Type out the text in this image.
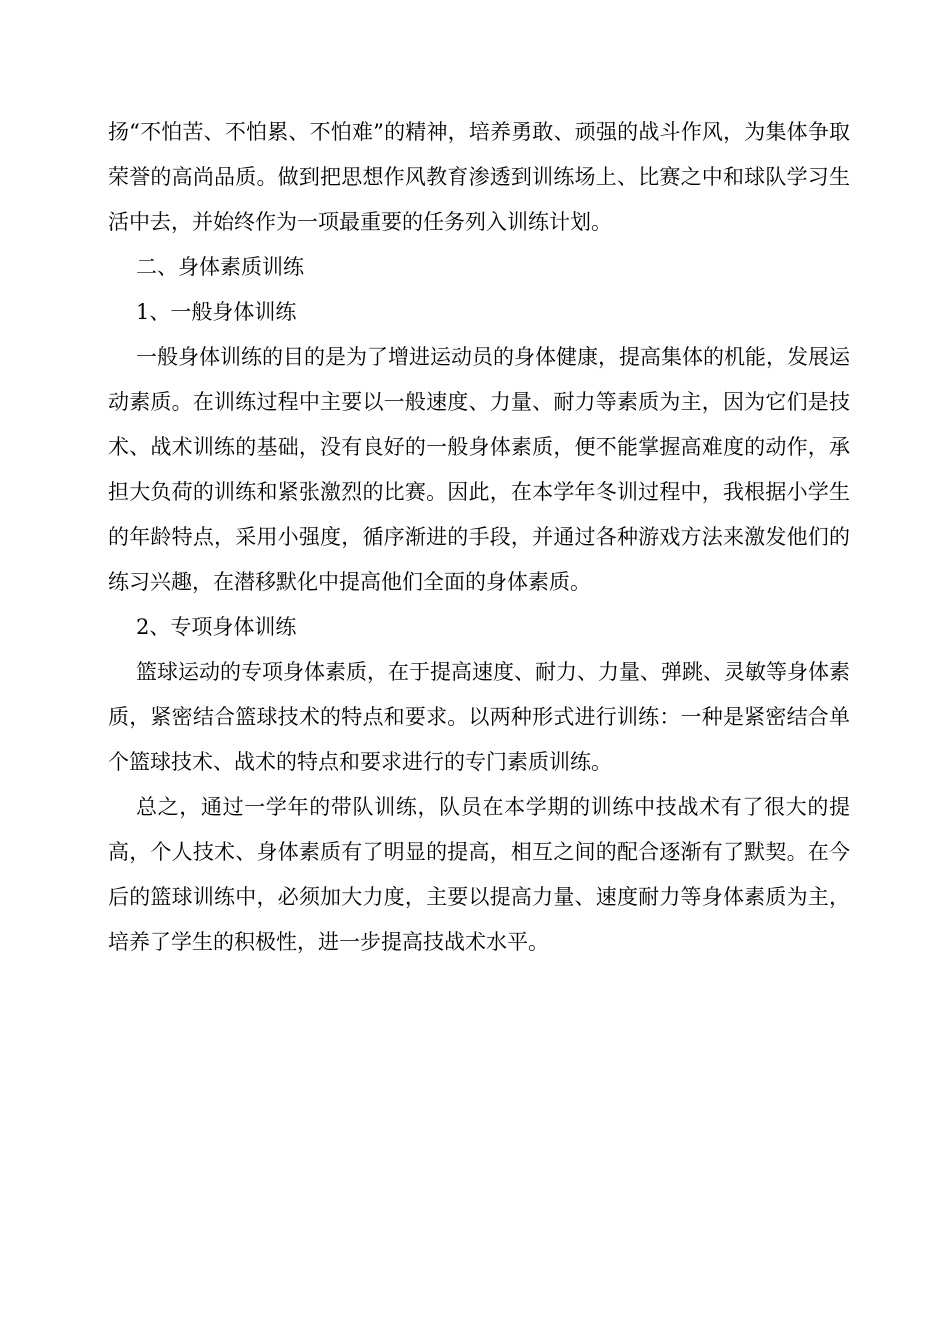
扬“不怕苦、不怕累、不怕难”的精神，培养勇敢、顽强的战斗作风，为集体争取荣誉的高尚品质。做到把思想作风教育渗透到训练场上、比赛之中和球队学习生活中去，并始终作为一项最重要的任务列入训练计划。

二、身体素质训练

1、一般身体训练

一般身体训练的目的是为了增进运动员的身体健康，提高集体的机能，发展运动素质。在训练过程中主要以一般速度、力量、耐力等素质为主，因为它们是技术、战术训练的基础，没有良好的一般身体素质，便不能掌握高难度的动作，承担大负荷的训练和紧张激烈的比赛。因此，在本学年冬训过程中，我根据小学生的年龄特点，采用小强度，循序渐进的手段，并通过各种游戏方法来激发他们的练习兴趣，在潜移默化中提高他们全面的身体素质。

2、专项身体训练

篮球运动的专项身体素质，在于提高速度、耐力、力量、弹跳、灵敏等身体素质，紧密结合篮球技术的特点和要求。以两种形式进行训练：一种是紧密结合单个篮球技术、战术的特点和要求进行的专门素质训练。

总之，通过一学年的带队训练，队员在本学期的训练中技战术有了很大的提高，个人技术、身体素质有了明显的提高，相互之间的配合逐渐有了默契。在今后的篮球训练中，必须加大力度，主要以提高力量、速度耐力等身体素质为主，培养了学生的积极性，进一步提高技战术水平。
